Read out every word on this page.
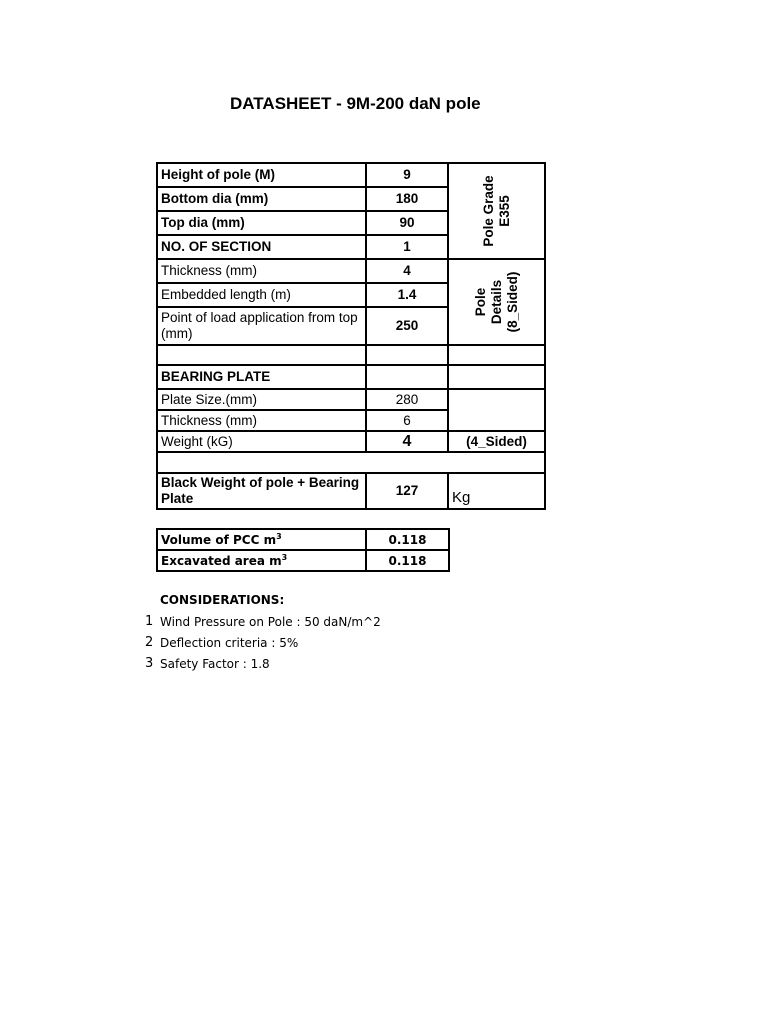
DATASHEET - 9M-200 daN pole
Height of pole (M)	9	Pole Grade E355

Bottom dia (mm)	180	
Top dia (mm)	90	
NO. OF SECTION	1	
Thickness (mm)	4	Pole Details (8_Sided)

Embedded length (m)	1.4	
Point of load application from top (mm)	250	

BEARING PLATE		
Plate Size.(mm)	280	
Thickness (mm)	6	
Weight (kG)	4	(4_Sided)

Black Weight of pole + Bearing Plate	127	Kg
Volume of PCC $m^3$	0.118
Excavated area $m^3$	0.118
CONSIDERATIONS:
1 Wind Pressure on Pole : 50 daN/m^2
2 Deflection criteria : 5%
3 Safety Factor : 1.8
